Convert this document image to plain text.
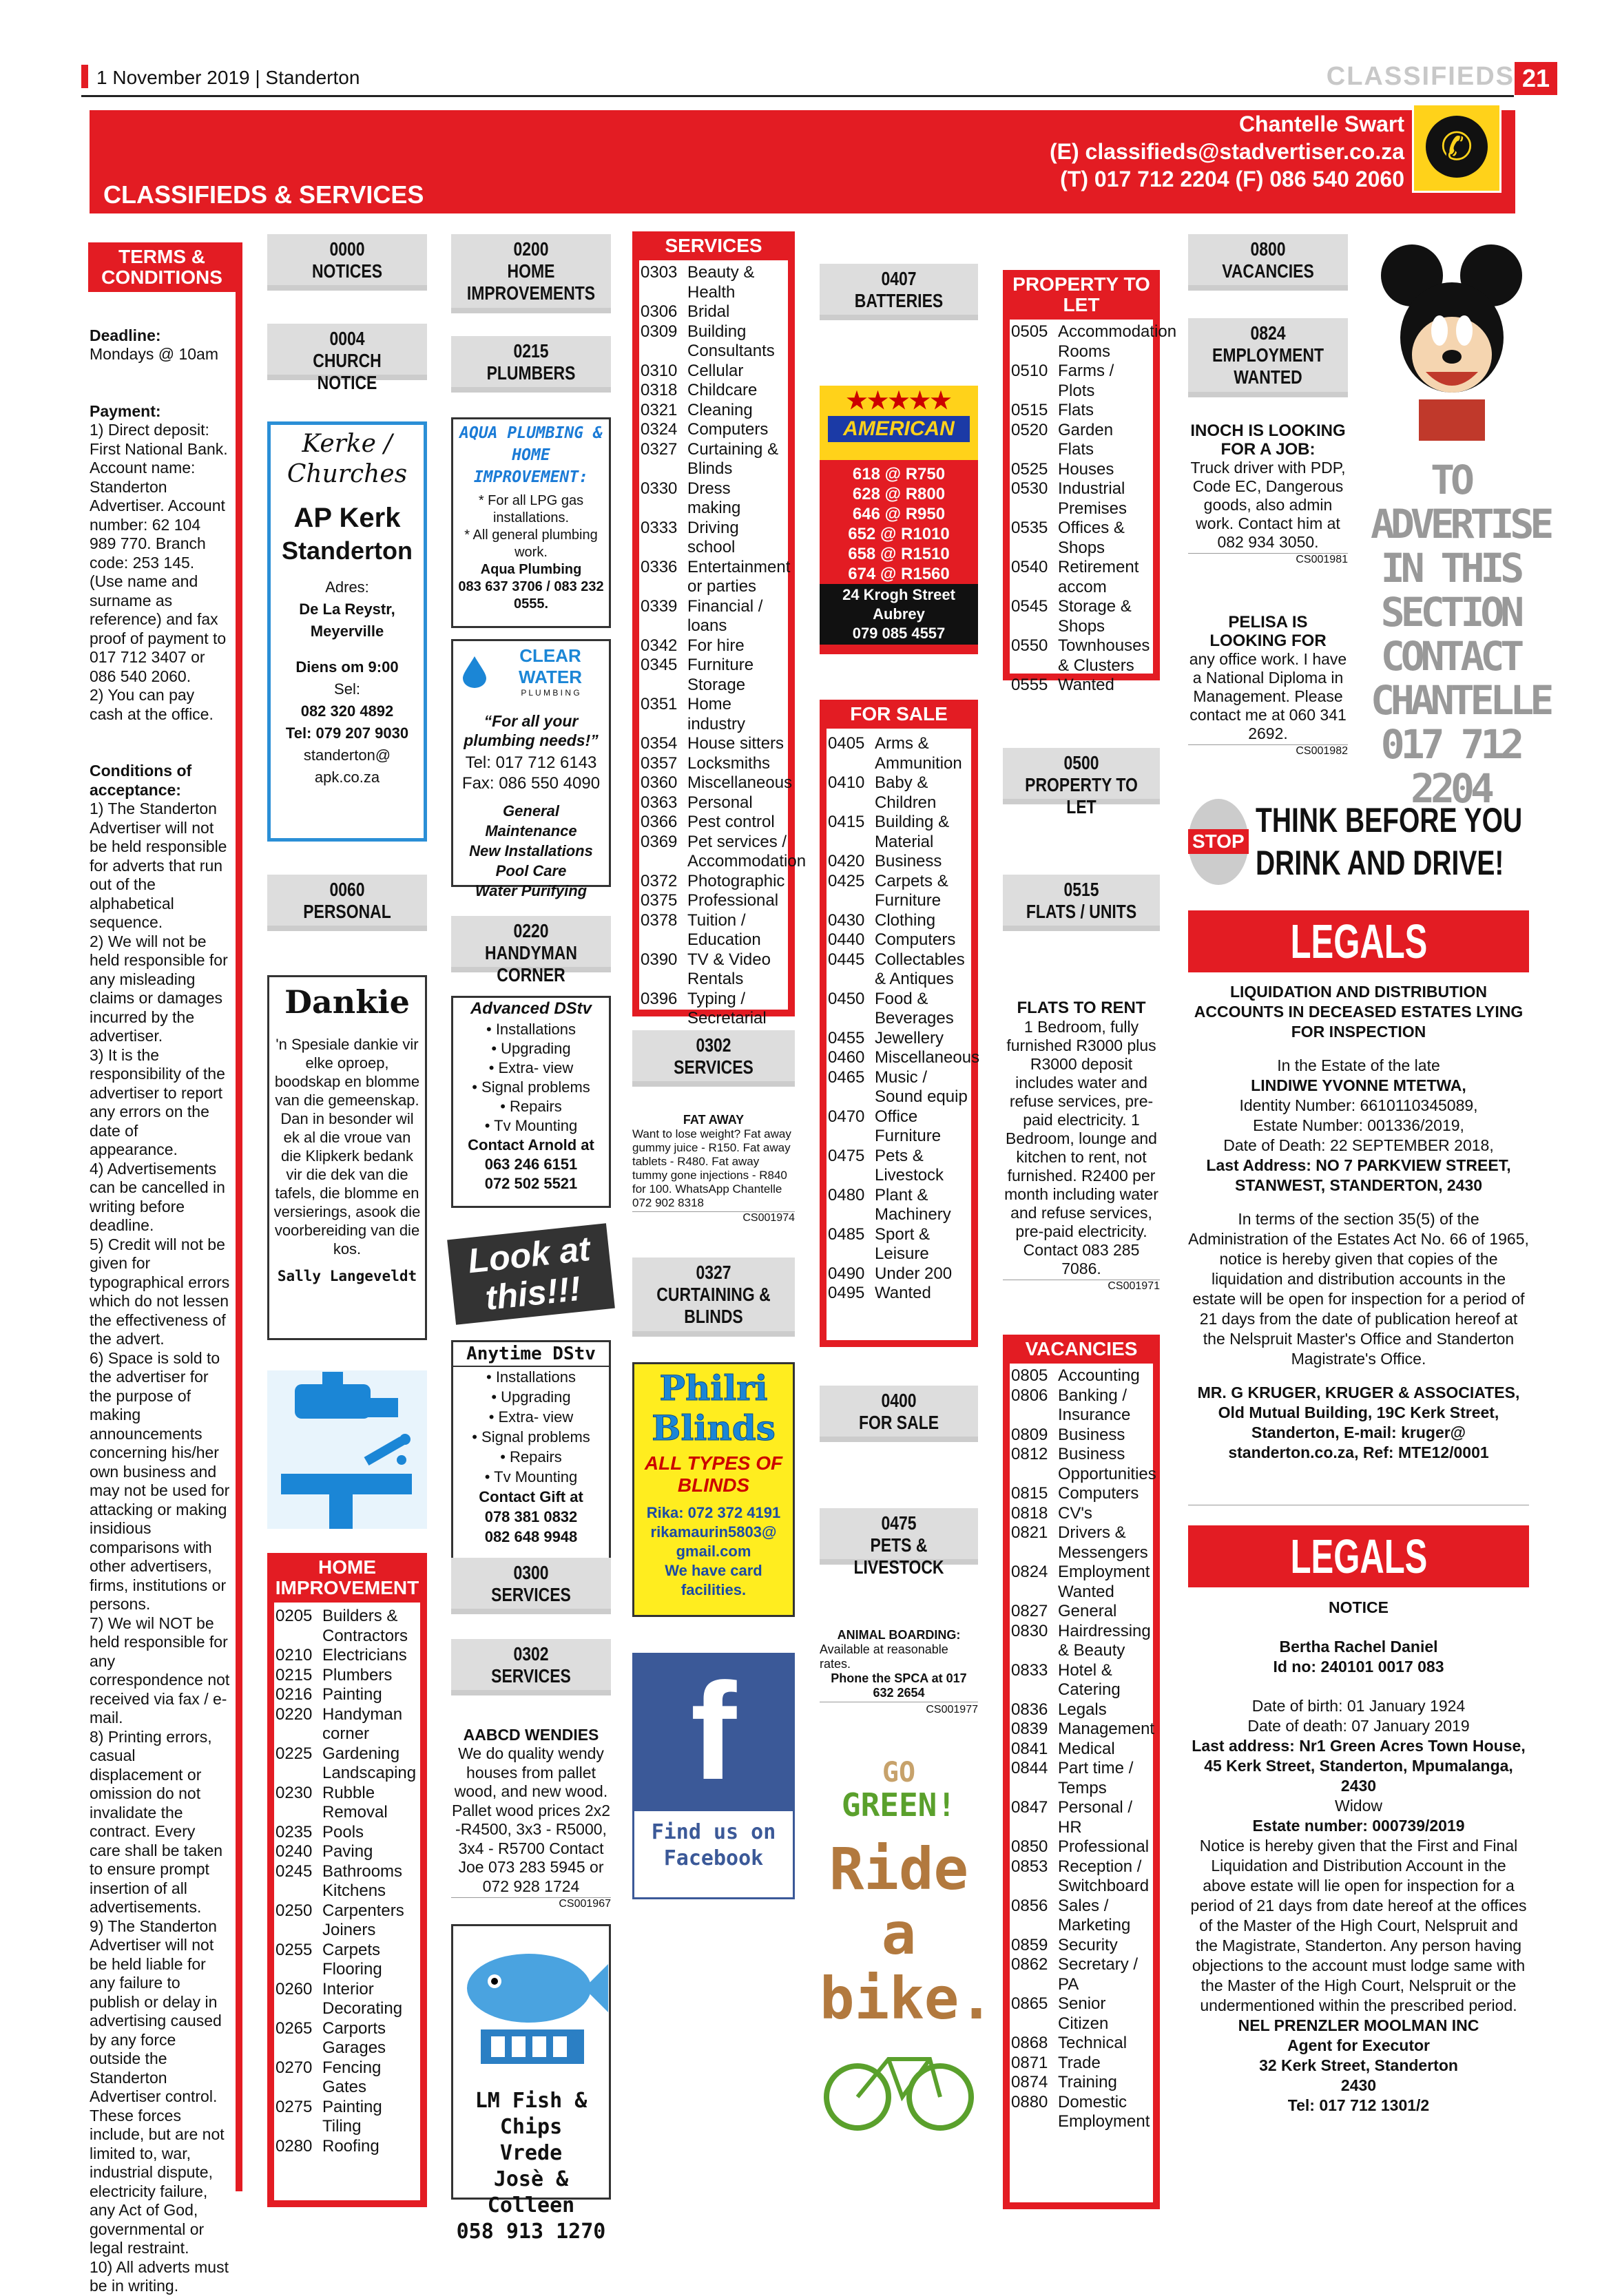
1 November 2019 | Standerton	CLASSIFIEDS 21
CLASSIFIEDS & SERVICES
Chantelle Swart
(E) classifieds@stadvertiser.co.za
(T) 017 712 2204 (F) 086 540 2060
✆
TERMS & CONDITIONS

Deadline:
Mondays @ 10am

Payment:
1) Direct deposit: First National Bank. Account name: Standerton Advertiser. Account number: 62 104 989 770. Branch code: 253 145. (Use name and surname as reference) and fax proof of payment to 017 712 3407 or 086 540 2060.
2) You can pay cash at the office.

Conditions of acceptance:
1) The Standerton Advertiser will not be held responsible for adverts that run out of the alphabetical sequence.
2) We will not be held responsible for any misleading claims or damages incurred by the advertiser.
3) It is the responsibility of the advertiser to report any errors on the date of appearance.
4) Advertisements can be cancelled in writing before deadline.
5) Credit will not be given for typographical errors which do not lessen the effectiveness of the advert.
6) Space is sold to the advertiser for the purpose of making announcements concerning his/her own business and may not be used for attacking or making insidious comparisons with other advertisers, firms, institutions or persons.
7) We wil NOT be held responsible for any correspondence not received via fax / e-mail.
8) Printing errors, casual displacement or omission do not invalidate the contract. Every care shall be taken to ensure prompt insertion of all advertisements.
9) The Standerton Advertiser will not be held liable for any failure to publish or delay in advertising caused by any force outside the Standerton Advertiser control. These forces include, but are not limited to, war, industrial dispute, electricity failure, any Act of God, governmental or legal restraint.
10) All adverts must be in writing.

0000
NOTICES
0004
CHURCH NOTICE
Kerke / Churches
AP Kerk
Standerton
Adres:
De La Reystr, Meyerville
Diens om 9:00
Sel:
082 320 4892
Tel: 079 207 9030
standerton@ apk.co.za
0060
PERSONAL
Dankie
'n Spesiale dankie vir elke oproep, boodskap en blomme van die gemeenskap. Dan in besonder wil ek al die vroue van die Klipkerk bedank vir die dek van die tafels, die blomme en versierings, asook die voorbereiding van die kos.
Sally Langeveldt
HOME IMPROVEMENT
0205 Builders & Contractors
0210 Electricians
0215 Plumbers
0216 Painting
0220 Handyman corner
0225 Gardening Landscaping
0230 Rubble Removal
0235 Pools
0240 Paving
0245 Bathrooms Kitchens
0250 Carpenters Joiners
0255 Carpets Flooring
0260 Interior Decorating
0265 Carports Garages
0270 Fencing Gates
0275 Painting Tiling
0280 Roofing
0200
HOME IMPROVEMENTS
0215
PLUMBERS
AQUA PLUMBING & HOME IMPROVEMENT:
* For all LPG gas installations.
* All general plumbing work.
Aqua Plumbing
083 637 3706 / 083 232 0555.
CLEAR WATER
P L U M B I N G
“For all your plumbing needs!”
Tel: 017 712 6143
Fax: 086 550 4090
General Maintenance
New Installations
Pool Care
Water Purifying
0220
HANDYMAN CORNER
Advanced DStv
• Installations
• Upgrading
• Extra- view
• Signal problems
• Repairs
• Tv Mounting
Contact Arnold at
063 246 6151
072 502 5521
Look at this!!!
Anytime DStv
• Installations
• Upgrading
• Extra- view
• Signal problems
• Repairs
• Tv Mounting
Contact Gift at
078 381 0832
082 648 9948
0300
SERVICES
0302
SERVICES
AABCD WENDIES
We do quality wendy houses from pallet wood, and new wood. Pallet wood prices 2x2 -R4500, 3x3 - R5000, 3x4 - R5700 Contact Joe 073 283 5945 or 072 928 1724
CS001967
LM Fish & Chips
Vrede
Josè & Colleen
058 913 1270
SERVICES
0303 Beauty & Health
0306 Bridal
0309 Building Consultants
0310 Cellular
0318 Childcare
0321 Cleaning
0324 Computers
0327 Curtaining & Blinds
0330 Dress making
0333 Driving school
0336 Entertainment or parties
0339 Financial / loans
0342 For hire
0345 Furniture Storage
0351 Home industry
0354 House sitters
0357 Locksmiths
0360 Miscellaneous
0363 Personal
0366 Pest control
0369 Pet services / Accommodation
0372 Photographic
0375 Professional
0378 Tuition / Education
0390 TV & Video Rentals
0396 Typing / Secretarial
0302
SERVICES
FAT AWAY
Want to lose weight? Fat away gummy juice - R150. Fat away tablets - R480. Fat away tummy gone injections - R840 for 100. WhatsApp Chantelle 072 902 8318
CS001974
0327
CURTAINING & BLINDS
Philri
Blinds
ALL TYPES OF BLINDS
Rika: 072 372 4191
rikamaurin5803@ gmail.com
We have card facilities.
f
Find us on Facebook
0407
BATTERIES
★★★★★
AMERICAN
618 @ R750
628 @ R800
646 @ R950
652 @ R1010
658 @ R1510
674 @ R1560
24 Krogh Street
Aubrey
079 085 4557
FOR SALE
0405 Arms & Ammunition
0410 Baby & Children
0415 Building & Material
0420 Business
0425 Carpets & Furniture
0430 Clothing
0440 Computers
0445 Collectables & Antiques
0450 Food & Beverages
0455 Jewellery
0460 Miscellaneous
0465 Music / Sound equip
0470 Office Furniture
0475 Pets & Livestock
0480 Plant & Machinery
0485 Sport & Leisure
0490 Under 200
0495 Wanted
0400
FOR SALE
0475
PETS & LIVESTOCK
ANIMAL BOARDING:
Available at reasonable rates.
Phone the SPCA at 017 632 2654
CS001977
GO
GREEN!
Ride
a
bike.
PROPERTY TO LET
0505 Accommodation Rooms
0510 Farms / Plots
0515 Flats
0520 Garden Flats
0525 Houses
0530 Industrial Premises
0535 Offices & Shops
0540 Retirement accom
0545 Storage & Shops
0550 Townhouses & Clusters
0555 Wanted
0500
PROPERTY TO LET
0515
FLATS / UNITS
FLATS TO RENT
1 Bedroom, fully furnished R3000 plus R3000 deposit includes water and refuse services, pre-paid electricity. 1 Bedroom, lounge and kitchen to rent, not furnished. R2400 per month including water and refuse services, pre-paid electricity. Contact 083 285 7086.
CS001971
VACANCIES
0805 Accounting
0806 Banking / Insurance
0809 Business
0812 Business Opportunities
0815 Computers
0818 CV's
0821 Drivers & Messengers
0824 Employment Wanted
0827 General
0830 Hairdressing & Beauty
0833 Hotel & Catering
0836 Legals
0839 Management
0841 Medical
0844 Part time / Temps
0847 Personal / HR
0850 Professional
0853 Reception / Switchboard
0856 Sales / Marketing
0859 Security
0862 Secretary / PA
0865 Senior Citizen
0868 Technical
0871 Trade
0874 Training
0880 Domestic Employment
0800
VACANCIES
0824
EMPLOYMENT WANTED
INOCH IS LOOKING FOR A JOB:
Truck driver with PDP, Code EC, Dangerous goods, also admin work. Contact him at 082 934 3050.
CS001981
PELISA IS LOOKING FOR
any office work. I have a National Diploma in Management. Please contact me at 060 341 2692.
CS001982
TO ADVERTISE IN THIS SECTION CONTACT CHANTELLE 017 712 2204
STOP
THINK BEFORE YOU
DRINK AND DRIVE!
LEGALS
LIQUIDATION AND DISTRIBUTION ACCOUNTS IN DECEASED ESTATES LYING FOR INSPECTION
In the Estate of the late
LINDIWE YVONNE MTETWA,
Identity Number: 6610110345089,
Estate Number: 001336/2019,
Date of Death: 22 SEPTEMBER 2018,
Last Address: NO 7 PARKVIEW STREET, STANWEST, STANDERTON, 2430
In terms of the section 35(5) of the Administration of the Estates Act No. 66 of 1965, notice is hereby given that copies of the liquidation and distribution accounts in the estate will be open for inspection for a period of 21 days from the date of publication hereof at the Nelspruit Master's Office and Standerton Magistrate's Office.
MR. G KRUGER, KRUGER & ASSOCIATES, Old Mutual Building, 19C Kerk Street, Standerton, E-mail: kruger@ standerton.co.za, Ref: MTE12/0001
LEGALS
NOTICE
Bertha Rachel Daniel
Id no: 240101 0017 083
Date of birth: 01 January 1924
Date of death: 07 January 2019
Last address: Nr1 Green Acres Town House, 45 Kerk Street, Standerton, Mpumalanga, 2430
Widow
Estate number: 000739/2019
Notice is hereby given that the First and Final Liquidation and Distribution Account in the above estate will lie open for inspection for a period of 21 days from date hereof at the offices of the Master of the High Court, Nelspruit and the Magistrate, Standerton. Any person having objections to the account must lodge same with the Master of the High Court, Nelspruit or the undermentioned within the prescribed period.
NEL PRENZLER MOOLMAN INC
Agent for Executor
32 Kerk Street, Standerton
2430
Tel: 017 712 1301/2
